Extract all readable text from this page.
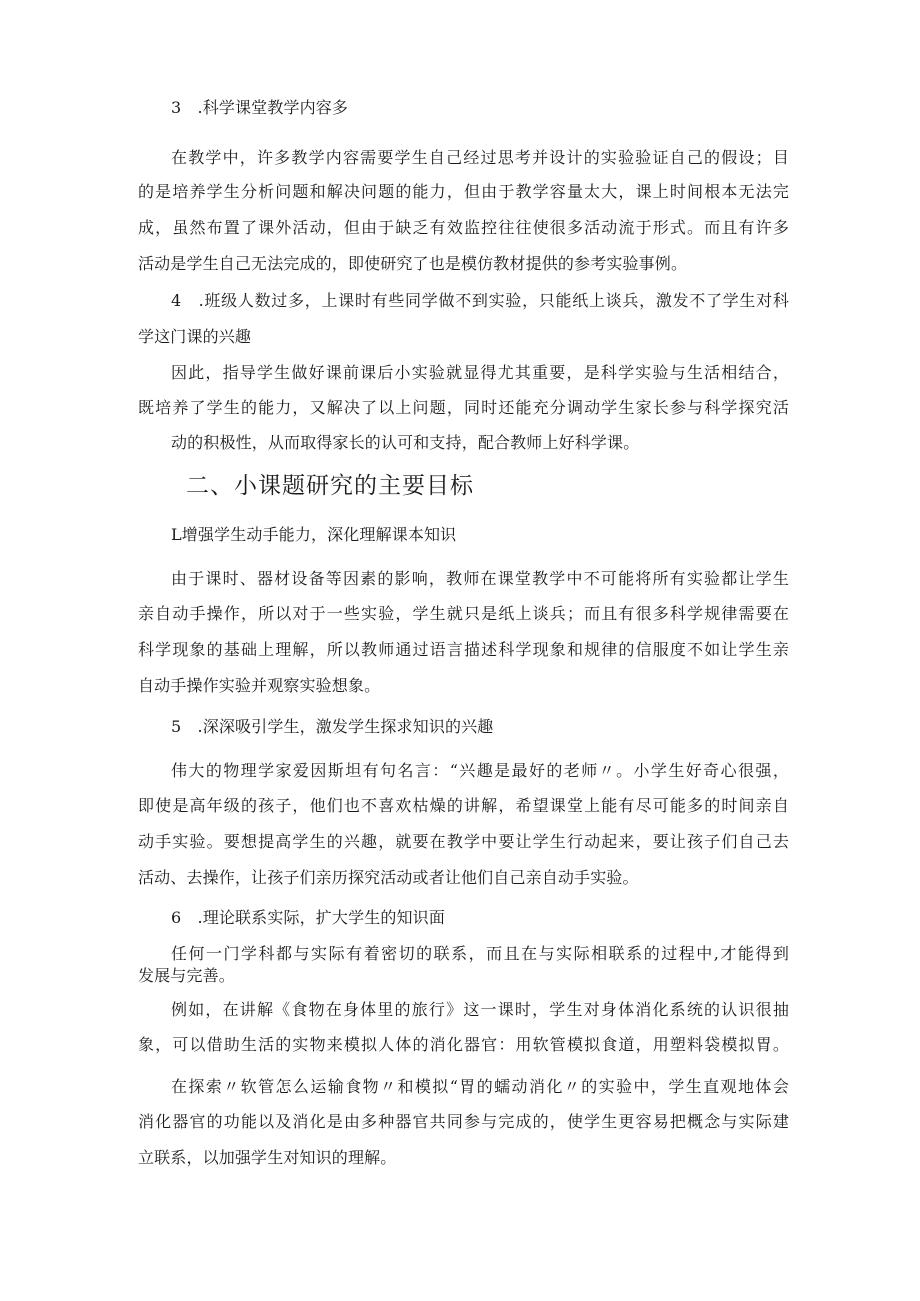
3　.科学课堂教学内容多
在教学中，许多教学内容需要学生自己经过思考并设计的实验验证自己的假设；目
的是培养学生分析问题和解决问题的能力，但由于教学容量太大，课上时间根本无法完
成，虽然布置了课外活动，但由于缺乏有效监控往往使很多活动流于形式。而且有许多
活动是学生自己无法完成的，即使研究了也是模仿教材提供的参考实验事例。
4　.班级人数过多，上课时有些同学做不到实验，只能纸上谈兵，激发不了学生对科
学这门课的兴趣
因此，指导学生做好课前课后小实验就显得尤其重要，是科学实验与生活相结合，
既培养了学生的能力，又解决了以上问题，同时还能充分调动学生家长参与科学探究活
动的积极性，从而取得家长的认可和支持，配合教师上好科学课。
二、小课题研究的主要目标
L增强学生动手能力，深化理解课本知识
由于课时、器材设备等因素的影响，教师在课堂教学中不可能将所有实验都让学生
亲自动手操作，所以对于一些实验，学生就只是纸上谈兵；而且有很多科学规律需要在
科学现象的基础上理解，所以教师通过语言描述科学现象和规律的信服度不如让学生亲
自动手操作实验并观察实验想象。
5　.深深吸引学生，激发学生探求知识的兴趣
伟大的物理学家爱因斯坦有句名言：“兴趣是最好的老师〃。小学生好奇心很强，
即使是高年级的孩子，他们也不喜欢枯燥的讲解，希望课堂上能有尽可能多的时间亲自
动手实验。要想提高学生的兴趣，就要在教学中要让学生行动起来，要让孩子们自己去
活动、去操作，让孩子们亲历探究活动或者让他们自己亲自动手实验。
6　.理论联系实际，扩大学生的知识面
任何一门学科都与实际有着密切的联系，而且在与实际相联系的过程中,才能得到
发展与完善。
例如，在讲解《食物在身体里的旅行》这一课时，学生对身体消化系统的认识很抽
象，可以借助生活的实物来模拟人体的消化器官：用软管模拟食道，用塑料袋模拟胃。
在探索〃软管怎么运输食物〃和模拟“胃的蠕动消化〃的实验中，学生直观地体会
消化器官的功能以及消化是由多种器官共同参与完成的，使学生更容易把概念与实际建
立联系，以加强学生对知识的理解。
